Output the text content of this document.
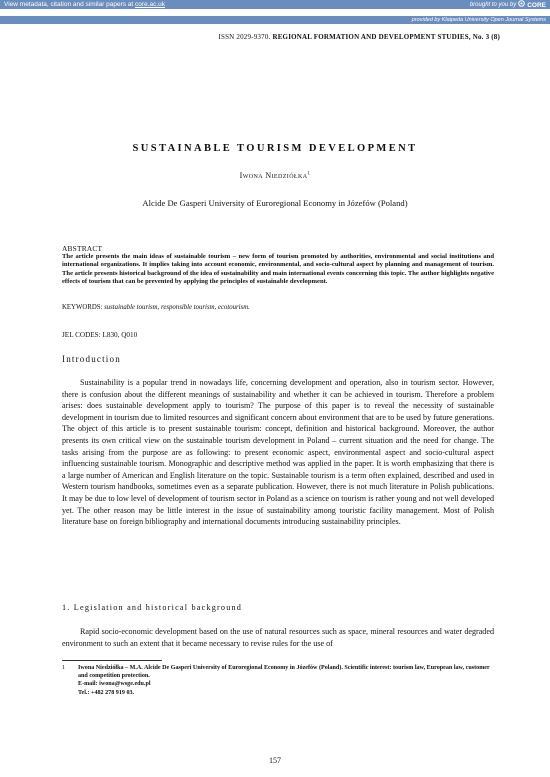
View metadata, citation and similar papers at core.ac.uk	brought to you by CORE
provided by Klaipeda University Open Journal Systems
ISSN 2029-9370. REGIONAL FORMATION AND DEVELOPMENT STUDIES, No. 3 (8)
SUSTAINABLE TOURISM DEVELOPMENT
Iwona Niedziółka$^1$
Alcide De Gasperi University of Euroregional Economy in Józefów (Poland)
ABSTRACT
The article presents the main ideas of sustainable tourism – new form of tourism promoted by authorities, environmental and social institutions and international organizations. It implies taking into account economic, environmental, and socio-cultural aspect by planning and management of tourism. The article presents historical background of the idea of sustainability and main international events concerning this topic. The author highlights negative effects of tourism that can be prevented by applying the principles of sustainable development.
KEYWORDS: sustainable tourism, responsible tourism, ecotourism.
JEL CODES: L830, Q010
Introduction
Sustainability is a popular trend in nowadays life, concerning development and operation, also in tourism sector. However, there is confusion about the different meanings of sustainability and whether it can be achieved in tourism. Therefore a problem arises: does sustainable development apply to tourism? The purpose of this paper is to reveal the necessity of sustainable development in tourism due to limited resources and significant concern about environment that are to be used by future generations. The object of this article is to present sustainable tourism: concept, definition and historical background. Moreover, the author presents its own critical view on the sustainable tourism development in Poland – current situation and the need for change. The tasks arising from the purpose are as following: to present economic aspect, environmental aspect and socio-cultural aspect influencing sustainable tourism. Monographic and descriptive method was applied in the paper. It is worth emphasizing that there is a large number of American and English literature on the topic. Sustainable tourism is a term often explained, described and used in Western tourism handbooks, sometimes even as a separate publication. However, there is not much literature in Polish publications. It may be due to low level of development of tourism sector in Poland as a science on tourism is rather young and not well developed yet. The other reason may be little interest in the issue of sustainability among touristic facility management. Most of Polish literature base on foreign bibliography and international documents introducing sustainability principles.
1. Legislation and historical background
Rapid socio-economic development based on the use of natural resources such as space, mineral resources and water degraded environment to such an extent that it became necessary to revise rules for the use of
1 Iwona Niedziółka – M.A. Alcide De Gasperi University of Euroregional Economy in Józefów (Poland). Scientific interest: tourism law, European law, customer and competition protection.
E-mail: iwona@wsge.edu.pl
Tel.: +482 278 919 03.
157
